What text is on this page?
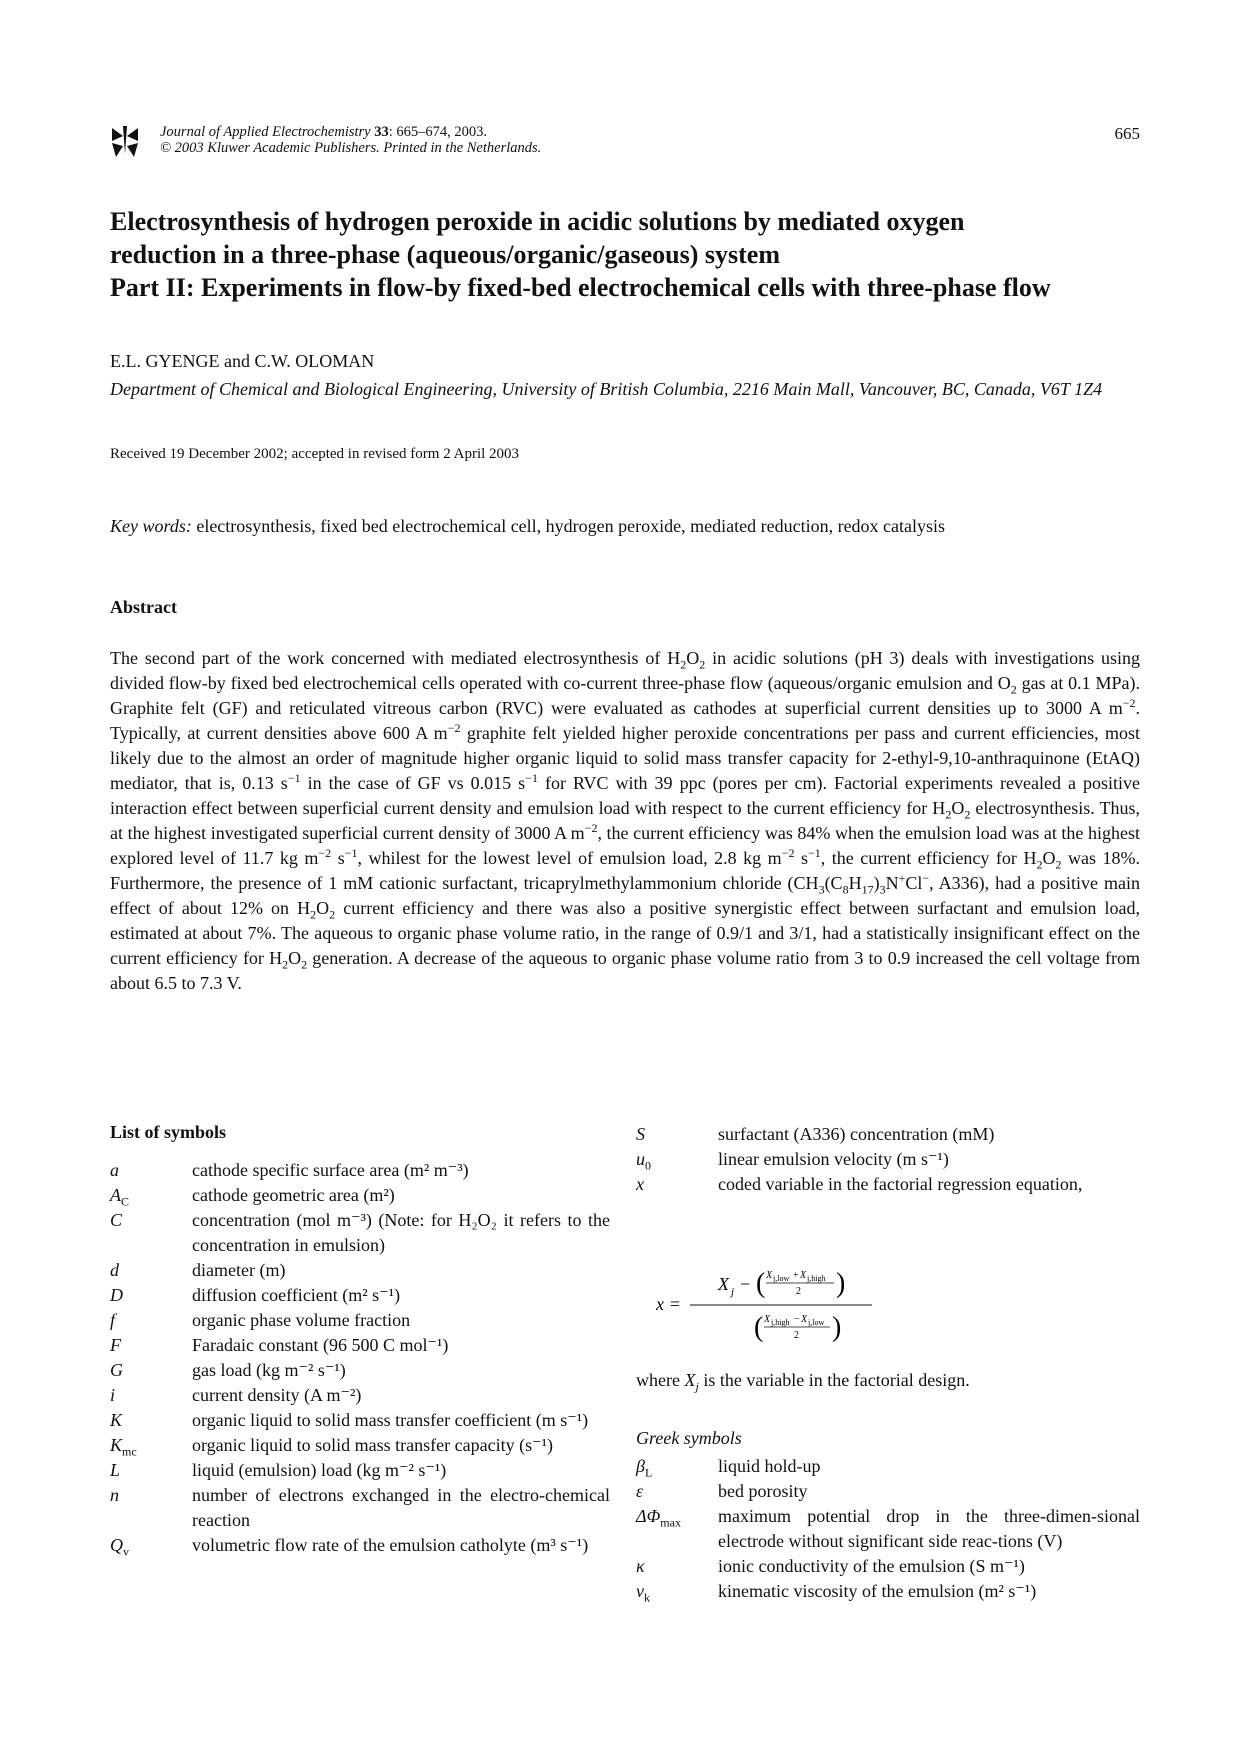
Journal of Applied Electrochemistry 33: 665–674, 2003.
© 2003 Kluwer Academic Publishers. Printed in the Netherlands.
665
Electrosynthesis of hydrogen peroxide in acidic solutions by mediated oxygen
reduction in a three-phase (aqueous/organic/gaseous) system
Part II: Experiments in flow-by fixed-bed electrochemical cells with three-phase flow
E.L. GYENGE and C.W. OLOMAN
Department of Chemical and Biological Engineering, University of British Columbia, 2216 Main Mall, Vancouver, BC, Canada, V6T 1Z4
Received 19 December 2002; accepted in revised form 2 April 2003
Key words: electrosynthesis, fixed bed electrochemical cell, hydrogen peroxide, mediated reduction, redox catalysis
Abstract
The second part of the work concerned with mediated electrosynthesis of $H_2O_2$ in acidic solutions (pH 3) deals with investigations using divided flow-by fixed bed electrochemical cells operated with co-current three-phase flow (aqueous/organic emulsion and $O_2$ gas at 0.1 MPa). Graphite felt (GF) and reticulated vitreous carbon (RVC) were evaluated as cathodes at superficial current densities up to 3000 A $m^{-2}$. Typically, at current densities above 600 A $m^{-2}$ graphite felt yielded higher peroxide concentrations per pass and current efficiencies, most likely due to the almost an order of magnitude higher organic liquid to solid mass transfer capacity for 2-ethyl-9,10-anthraquinone (EtAQ) mediator, that is, 0.13 $s^{-1}$ in the case of GF vs 0.015 $s^{-1}$ for RVC with 39 ppc (pores per cm). Factorial experiments revealed a positive interaction effect between superficial current density and emulsion load with respect to the current efficiency for $H_2O_2$ electrosynthesis. Thus, at the highest investigated superficial current density of 3000 A $m^{-2}$, the current efficiency was 84% when the emulsion load was at the highest explored level of 11.7 kg $m^{-2}$ $s^{-1}$, whilest for the lowest level of emulsion load, 2.8 kg $m^{-2}$ $s^{-1}$, the current efficiency for $H_2O_2$ was 18%. Furthermore, the presence of 1 mM cationic surfactant, tricaprylmethylammonium chloride ($CH_3(C_8H_{17})_3N^+Cl^-$, A336), had a positive main effect of about 12% on $H_2O_2$ current efficiency and there was also a positive synergistic effect between surfactant and emulsion load, estimated at about 7%. The aqueous to organic phase volume ratio, in the range of 0.9/1 and 3/1, had a statistically insignificant effect on the current efficiency for $H_2O_2$ generation. A decrease of the aqueous to organic phase volume ratio from 3 to 0.9 increased the cell voltage from about 6.5 to 7.3 V.
List of symbols
a	cathode specific surface area (m² m⁻³)
$A_C$	cathode geometric area (m²)
C	concentration (mol m⁻³) (Note: for H₂O₂ it refers to the concentration in emulsion)
d	diameter (m)
D	diffusion coefficient (m² s⁻¹)
f	organic phase volume fraction
F	Faradaic constant (96 500 C mol⁻¹)
G	gas load (kg m⁻² s⁻¹)
i	current density (A m⁻²)
K	organic liquid to solid mass transfer coefficient (m s⁻¹)
$K_{mc}$	organic liquid to solid mass transfer capacity (s⁻¹)
L	liquid (emulsion) load (kg m⁻² s⁻¹)
n	number of electrons exchanged in the electro-chemical reaction
$Q_v$	volumetric flow rate of the emulsion catholyte (m³ s⁻¹)
S	surfactant (A336) concentration (mM)
$u_0$	linear emulsion velocity (m s⁻¹)
x	coded variable in the factorial regression equation,
x =
X j − ( X j,low + X j,high
2 )
( X j,high − X j,low
2 )
where $X_j$ is the variable in the factorial design.
Greek symbols
$\beta_L$	liquid hold-up
ε	bed porosity
$\Delta\Phi_{max}$	maximum potential drop in the three-dimen-sional electrode without significant side reac-tions (V)
κ	ionic conductivity of the emulsion (S m⁻¹)
$\nu_k$	kinematic viscosity of the emulsion (m² s⁻¹)
